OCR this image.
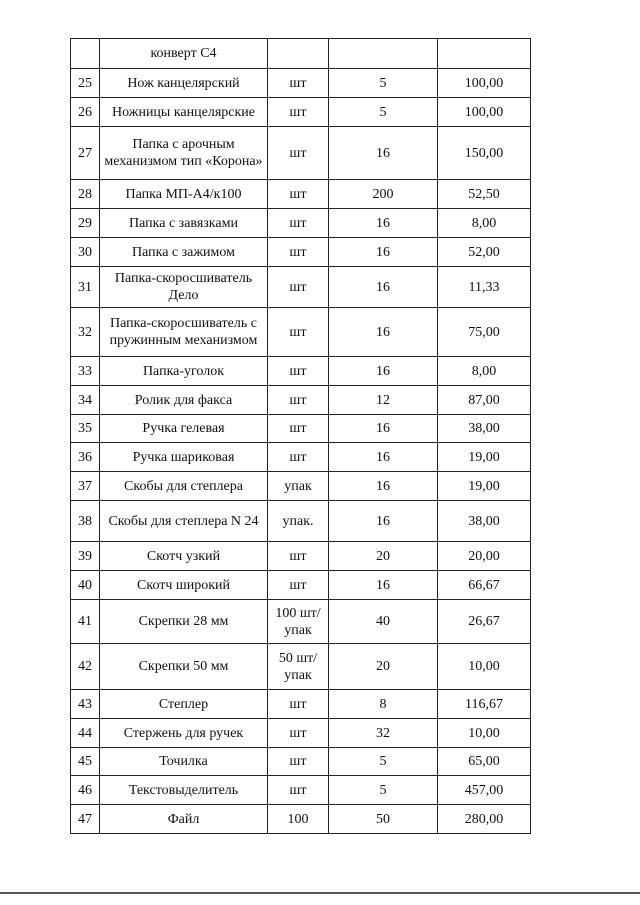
	конверт С4			
25	Нож канцелярский	шт	5	100,00
26	Ножницы канцелярские	шт	5	100,00
27	Папка с арочным механизмом тип «Корона»	шт	16	150,00
28	Папка МП-А4/к100	шт	200	52,50
29	Папка с завязками	шт	16	8,00
30	Папка с зажимом	шт	16	52,00
31	Папка-скоросшиватель Дело	шт	16	11,33
32	Папка-скоросшиватель с пружинным механизмом	шт	16	75,00
33	Папка-уголок	шт	16	8,00
34	Ролик для факса	шт	12	87,00
35	Ручка гелевая	шт	16	38,00
36	Ручка шариковая	шт	16	19,00
37	Скобы для степлера	упак	16	19,00
38	Скобы для степлера N 24	упак.	16	38,00
39	Скотч узкий	шт	20	20,00
40	Скотч широкий	шт	16	66,67
41	Скрепки 28 мм	100 шт/упак	40	26,67
42	Скрепки 50 мм	50 шт/упак	20	10,00
43	Степлер	шт	8	116,67
44	Стержень для ручек	шт	32	10,00
45	Точилка	шт	5	65,00
46	Текстовыделитель	шт	5	457,00
47	Файл	100	50	280,00
